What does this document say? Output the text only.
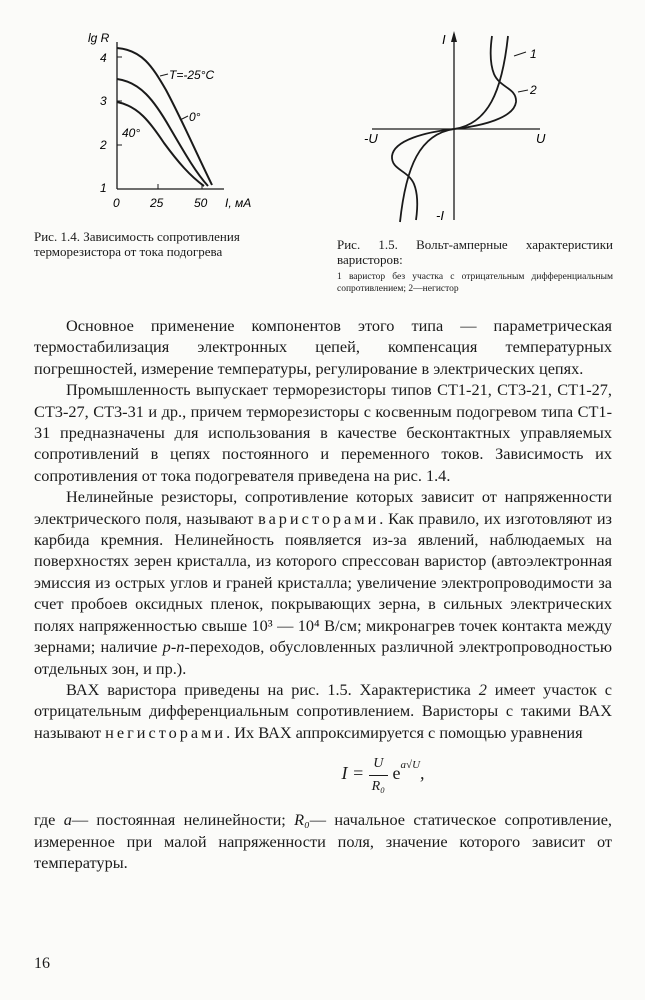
lg R
4
3
2
1
0	25	50 I, мА
T=-25°C
0°
40°
Рис. 1.4. Зависимость сопротивления терморезистора от тока подогрева
I
-I
U
-U
1
2
Рис. 1.5. Вольт-амперные характеристики варисторов:
1 варистор без участка с отрицательным дифференциальным сопротивлением; 2—негистор

Основное применение компонентов этого типа — параметрическая термостабилизация электронных цепей, компенсация температурных погрешностей, измерение температуры, регулирование в электрических цепях.

Промышленность выпускает терморезисторы типов СТ1-21, СТ3-21, СТ1-27, СТ3-27, СТ3-31 и др., причем терморезисторы с косвенным подогревом типа СТ1-31 предназначены для использования в качестве бесконтактных управляемых сопротивлений в цепях постоянного и переменного токов. Зависимость их сопротивления от тока подогревателя приведена на рис. 1.4.

Нелинейные резисторы, сопротивление которых зависит от напряженности электрического поля, называют варисторами. Как правило, их изготовляют из карбида кремния. Нелинейность появляется из-за явлений, наблюдаемых на поверхностях зерен кристалла, из которого спрессован варистор (автоэлектронная эмиссия из острых углов и граней кристалла; увеличение электропроводимости за счет пробоев оксидных пленок, покрывающих зерна, в сильных электрических полях напряженностью свыше 10³ — 10⁴ В/см; микронагрев точек контакта между зернами; наличие p-n-переходов, обусловленных различной электропроводностью отдельных зон, и пр.).

ВАХ варистора приведены на рис. 1.5. Характеристика 2 имеет участок с отрицательным дифференциальным сопротивлением. Варисторы с такими ВАХ называют негисторами. Их ВАХ аппроксимируется с помощью уравнения

$I = \frac{U}{\text{R₀}} e^{a√U}$,

где a— постоянная нелинейности; R₀— начальное статическое сопротивление, измеренное при малой напряженности поля, значение которого зависит от температуры.

16
